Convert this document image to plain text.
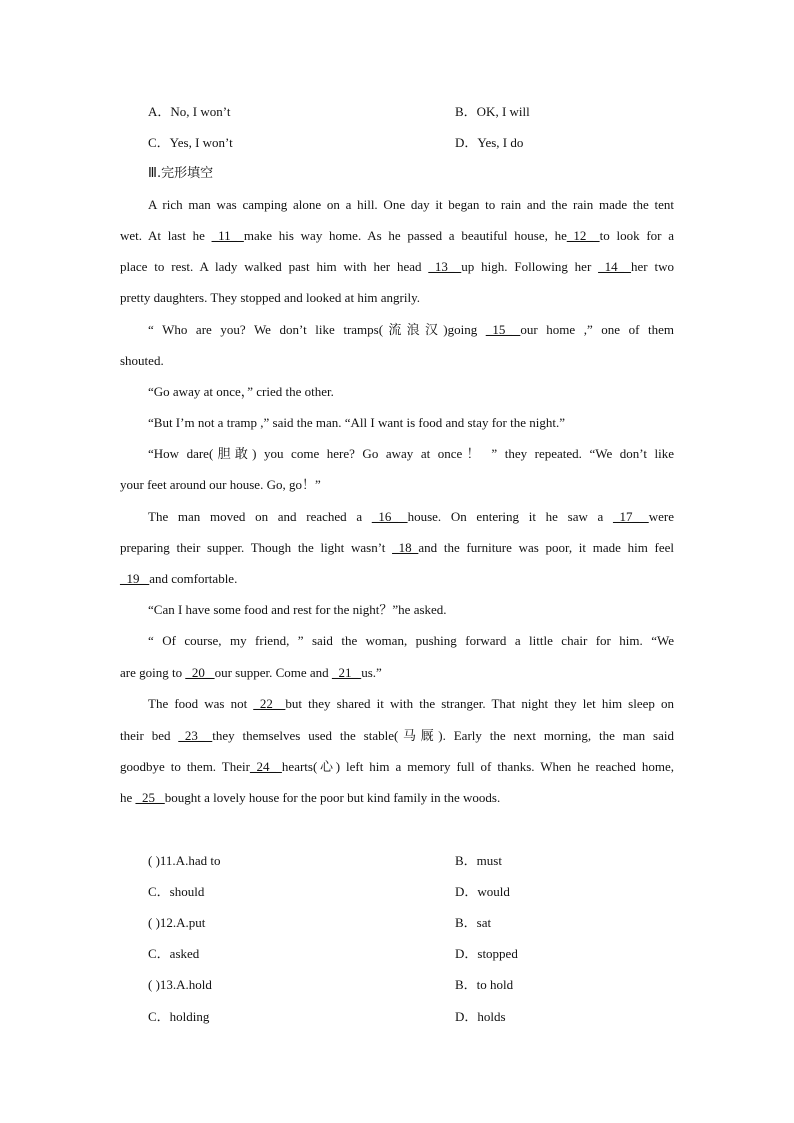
A．No, I won’t	B．OK, I will
C．Yes, I won’t	D．Yes, I do
Ⅲ.完形填空
A rich man was camping alone on a hill. One day it began to rain and the rain made the tent
wet. At last he _11_ make his way home. As he passed a beautiful house, he_12_ to look for a
place to rest. A lady walked past him with her head _13_ up high. Following her _14_ her two
pretty daughters. They stopped and looked at him angrily.
“ Who are you? We don’t like tramps(流浪汉)going _15_ our home ,” one of them
shouted.
“Go away at once，” cried the other.
“But I’m not a tramp ,” said the man. “All I want is food and stay for the night.”
“How dare(胆敢) you come here? Go away at once！ ” they repeated. “We don’t like
your feet around our house. Go, go！”
The man moved on and reached a _16_ house. On entering it he saw a _17_ were
preparing their supper. Though the light wasn’t _18 and the furniture was poor, it made him feel
_19_ and comfortable.
“Can I have some food and rest for the night？”he asked.
“ Of course, my friend, ” said the woman, pushing forward a little chair for him. “We
are going to _20_ our supper. Come and _21_ us.”
The food was not _22_ but they shared it with the stranger. That night they let him sleep on
their bed _23_ they themselves used the stable(马厩). Early the next morning, the man said
goodbye to them. Their_24_ hearts(心) left him a memory full of thanks. When he reached home,
he _25_ bought a lovely house for the poor but kind family in the woods.
( )11.A.had to	B．must
C．should	D．would
( )12.A.put	B．sat
C．asked	D．stopped
( )13.A.hold	B．to hold
C．holding	D．holds
